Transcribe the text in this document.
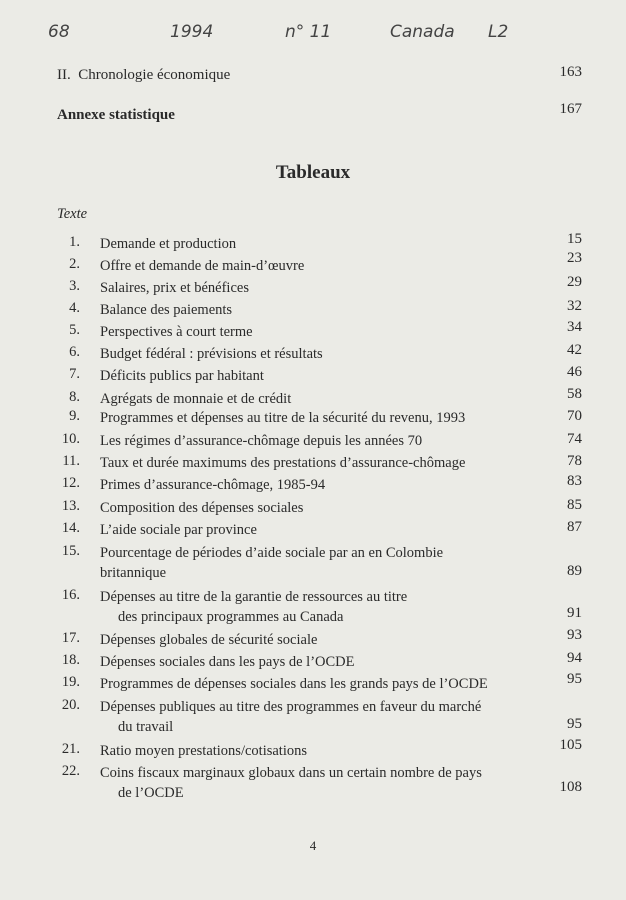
68	1994	n° 11	Canada L2
II. Chronologie économique	163
Annexe statistique	167
Tableaux
Texte
1. Demande et production	15
2. Offre et demande de main-d’œuvre	23
3. Salaires, prix et bénéfices	29
4. Balance des paiements	32
5. Perspectives à court terme	34
6. Budget fédéral : prévisions et résultats	42
7. Déficits publics par habitant	46
8. Agrégats de monnaie et de crédit	58
9. Programmes et dépenses au titre de la sécurité du revenu, 1993	70
10. Les régimes d’assurance-chômage depuis les années 70	74
11. Taux et durée maximums des prestations d’assurance-chômage	78
12. Primes d’assurance-chômage, 1985-94	83
13. Composition des dépenses sociales	85
14. L’aide sociale par province	87
15. Pourcentage de périodes d’aide sociale par an en Colombie
britannique	89
16. Dépenses au titre de la garantie de ressources au titre
des principaux programmes au Canada	91
17. Dépenses globales de sécurité sociale	93
18. Dépenses sociales dans les pays de l’OCDE	94
19. Programmes de dépenses sociales dans les grands pays de l’OCDE	95
20. Dépenses publiques au titre des programmes en faveur du marché
du travail	95
21. Ratio moyen prestations/cotisations	105
22. Coins fiscaux marginaux globaux dans un certain nombre de pays
de l’OCDE	108
4
